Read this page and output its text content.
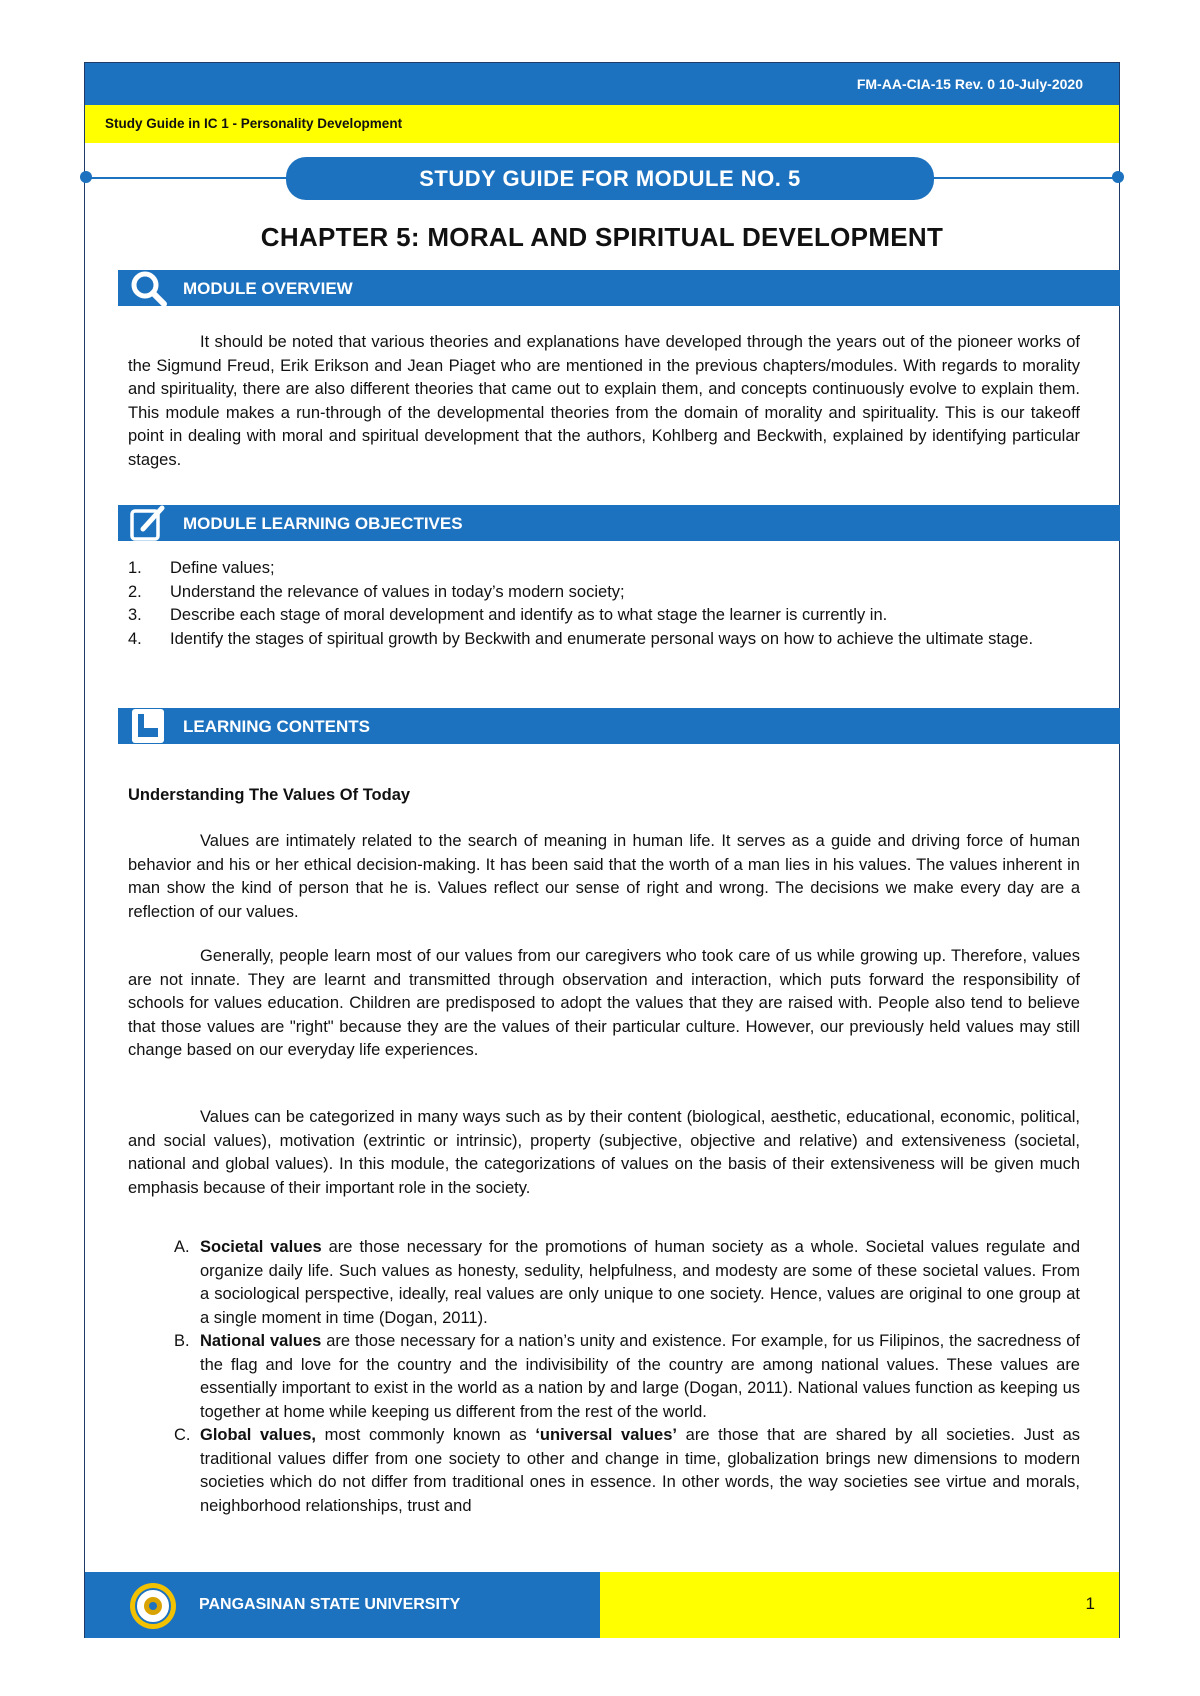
FM-AA-CIA-15 Rev. 0 10-July-2020
Study Guide in IC 1 - Personality Development
STUDY GUIDE FOR MODULE NO. 5
CHAPTER 5: MORAL AND SPIRITUAL DEVELOPMENT
MODULE OVERVIEW

It should be noted that various theories and explanations have developed through the years out of the pioneer works of the Sigmund Freud, Erik Erikson and Jean Piaget who are mentioned in the previous chapters/modules. With regards to morality and spirituality, there are also different theories that came out to explain them, and concepts continuously evolve to explain them. This module makes a run-through of the developmental theories from the domain of morality and spirituality. This is our takeoff point in dealing with moral and spiritual development that the authors, Kohlberg and Beckwith, explained by identifying particular stages.

MODULE LEARNING OBJECTIVES
1. Define values;
2. Understand the relevance of values in today’s modern society;
3. Describe each stage of moral development and identify as to what stage the learner is currently in.
4. Identify the stages of spiritual growth by Beckwith and enumerate personal ways on how to achieve the ultimate stage.
LEARNING CONTENTS
Understanding The Values Of Today

Values are intimately related to the search of meaning in human life. It serves as a guide and driving force of human behavior and his or her ethical decision-making. It has been said that the worth of a man lies in his values. The values inherent in man show the kind of person that he is. Values reflect our sense of right and wrong. The decisions we make every day are a reflection of our values.

Generally, people learn most of our values from our caregivers who took care of us while growing up. Therefore, values are not innate. They are learnt and transmitted through observation and interaction, which puts forward the responsibility of schools for values education. Children are predisposed to adopt the values that they are raised with. People also tend to believe that those values are "right" because they are the values of their particular culture. However, our previously held values may still change based on our everyday life experiences.

Values can be categorized in many ways such as by their content (biological, aesthetic, educational, economic, political, and social values), motivation (extrintic or intrinsic), property (subjective, objective and relative) and extensiveness (societal, national and global values). In this module, the categorizations of values on the basis of their extensiveness will be given much emphasis because of their important role in the society.

A. Societal values are those necessary for the promotions of human society as a whole. Societal values regulate and organize daily life. Such values as honesty, sedulity, helpfulness, and modesty are some of these societal values. From a sociological perspective, ideally, real values are only unique to one society. Hence, values are original to one group at a single moment in time (Dogan, 2011).
B. National values are those necessary for a nation’s unity and existence. For example, for us Filipinos, the sacredness of the flag and love for the country and the indivisibility of the country are among national values. These values are essentially important to exist in the world as a nation by and large (Dogan, 2011). National values function as keeping us together at home while keeping us different from the rest of the world.
C. Global values, most commonly known as ‘universal values’ are those that are shared by all societies. Just as traditional values differ from one society to other and change in time, globalization brings new dimensions to modern societies which do not differ from traditional ones in essence. In other words, the way societies see virtue and morals, neighborhood relationships, trust and
PANGASINAN STATE UNIVERSITY	1
